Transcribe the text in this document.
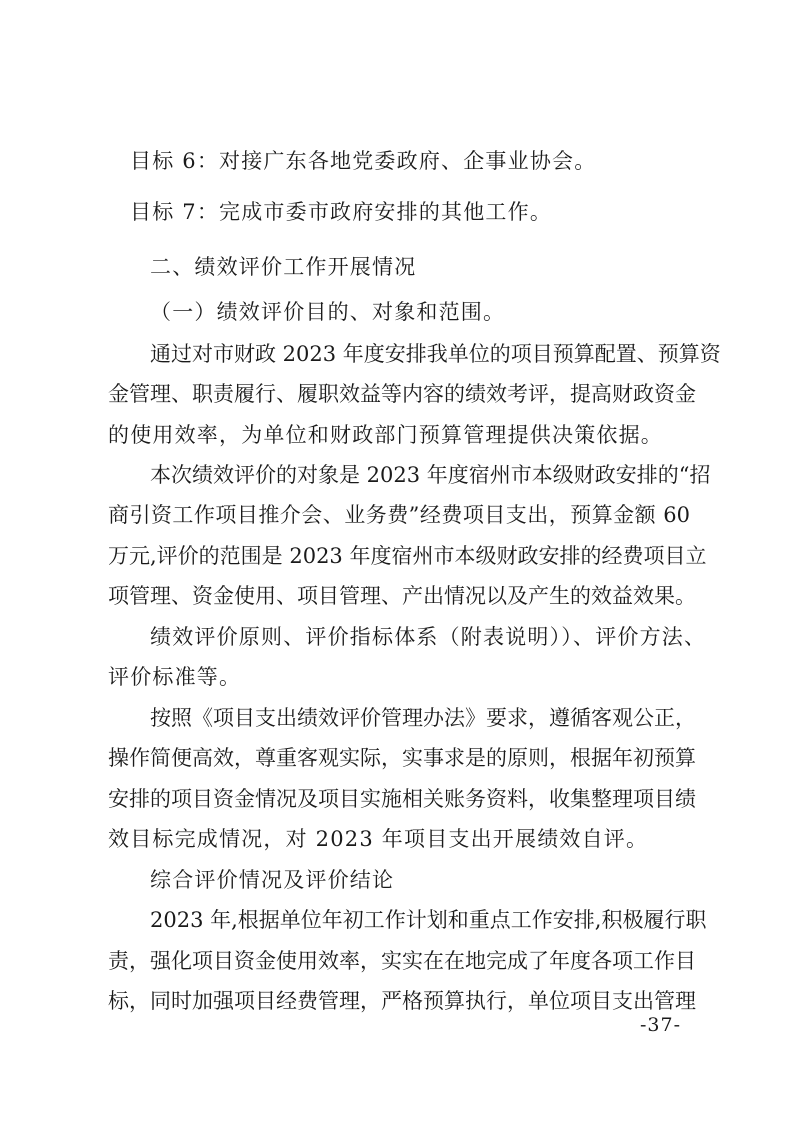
目标 6：对接广东各地党委政府、企事业协会。
目标 7：完成市委市政府安排的其他工作。
二、绩效评价工作开展情况
（一）绩效评价目的、对象和范围。
通过对市财政 2023 年度安排我单位的项目预算配置、预算资
金管理、职责履行、履职效益等内容的绩效考评，提高财政资金
的使用效率，为单位和财政部门预算管理提供决策依据。
本次绩效评价的对象是 2023 年度宿州市本级财政安排的“招
商引资工作项目推介会、业务费”经费项目支出，预算金额 60
万元,评价的范围是 2023 年度宿州市本级财政安排的经费项目立
项管理、资金使用、项目管理、产出情况以及产生的效益效果。
绩效评价原则、评价指标体系（附表说明））、评价方法、
评价标准等。
按照《项目支出绩效评价管理办法》要求，遵循客观公正，
操作简便高效，尊重客观实际，实事求是的原则，根据年初预算
安排的项目资金情况及项目实施相关账务资料，收集整理项目绩
效目标完成情况，对 2023 年项目支出开展绩效自评。
综合评价情况及评价结论
2023 年,根据单位年初工作计划和重点工作安排,积极履行职
责，强化项目资金使用效率，实实在在地完成了年度各项工作目
标，同时加强项目经费管理，严格预算执行，单位项目支出管理
-37-
